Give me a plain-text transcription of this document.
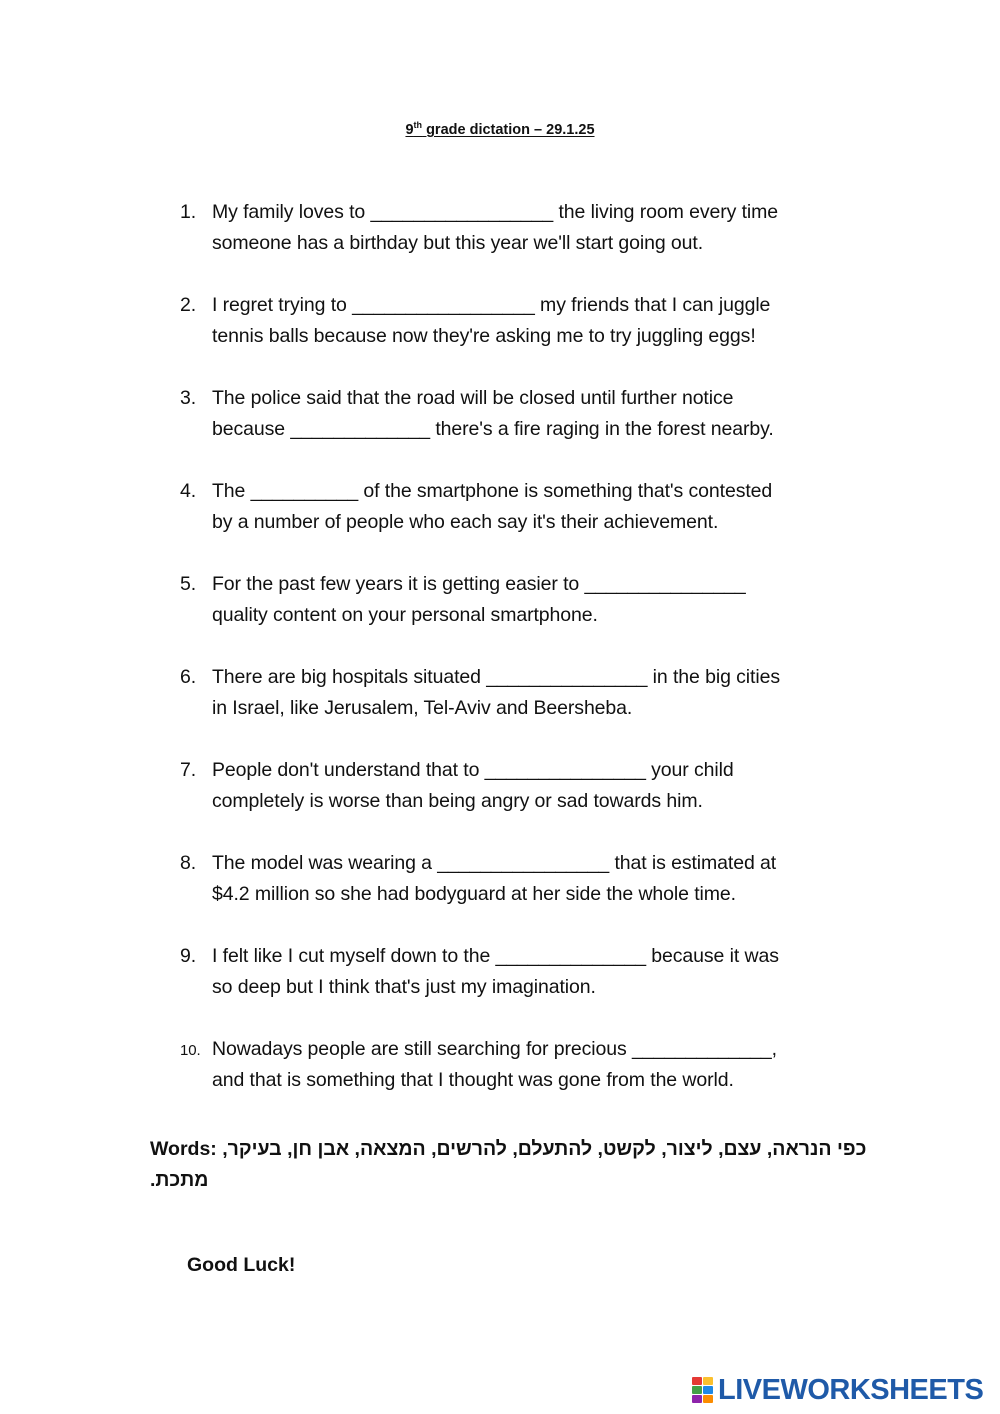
9th grade dictation – 29.1.25
1. My family loves to _________________ the living room every time
someone has a birthday but this year we'll start going out.
2. I regret trying to _________________ my friends that I can juggle
tennis balls because now they're asking me to try juggling eggs!
3. The police said that the road will be closed until further notice
because _____________ there's a fire raging in the forest nearby.
4. The __________ of the smartphone is something that's contested
by a number of people who each say it's their achievement.
5. For the past few years it is getting easier to _______________
quality content on your personal smartphone.
6. There are big hospitals situated _______________ in the big cities
in Israel, like Jerusalem, Tel-Aviv and Beersheba.
7. People don't understand that to _______________ your child
completely is worse than being angry or sad towards him.
8. The model was wearing a ________________ that is estimated at
$4.2 million so she had bodyguard at her side the whole time.
9. I felt like I cut myself down to the ______________ because it was
so deep but I think that's just my imagination.
10. Nowadays people are still searching for precious _____________,
and that is something that I thought was gone from the world.
Words: כפי הנראה, עצם, ליצור, לקשט, להתעלם, להרשים, המצאה, אבן חן, בעיקר, מתכת.
Good Luck!
LIVEWORKSHEETS
